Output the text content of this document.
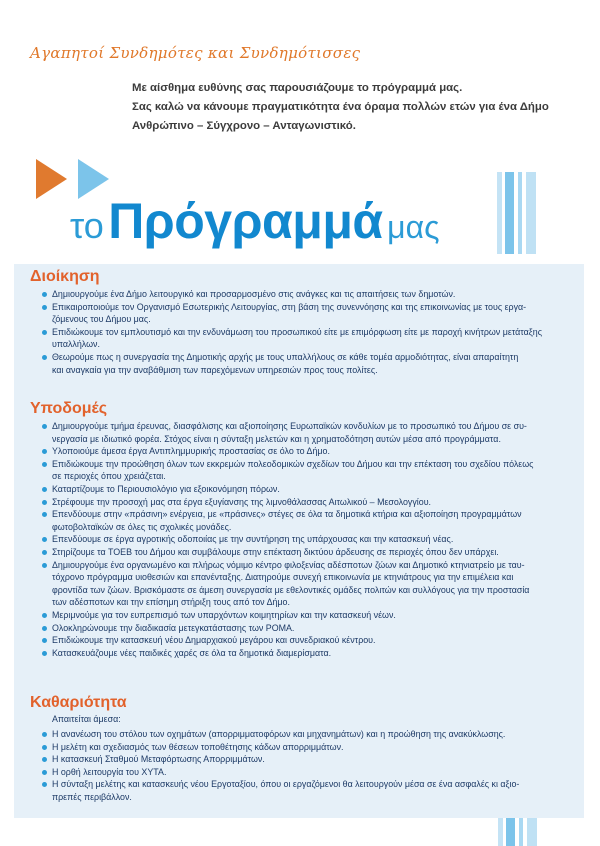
Αγαπητοί Συνδημότες και Συνδημότισσες
Με αίσθημα ευθύνης σας παρουσιάζουμε το πρόγραμμά μας.
Σας καλώ να κάνουμε πραγματικότητα ένα όραμα πολλών ετών για ένα Δήμο
Ανθρώπινο – Σύγχρονο – Ανταγωνιστικό.
το Πρόγραμμά μας
Διοίκηση
Δημιουργούμε ένα Δήμο λειτουργικό και προσαρμοσμένο στις ανάγκες και τις απαιτήσεις των δημοτών.
Επικαιροποιούμε τον Οργανισμό Εσωτερικής Λειτουργίας, στη βάση της συνεννόησης και της επικοινωνίας με τους εργα-
ζόμενους του Δήμου μας.
Επιδιώκουμε τον εμπλουτισμό και την ενδυνάμωση του προσωπικού είτε με επιμόρφωση είτε με παροχή κινήτρων μετάταξης
υπαλλήλων.
Θεωρούμε πως η συνεργασία της Δημοτικής αρχής με τους υπαλλήλους σε κάθε τομέα αρμοδιότητας, είναι απαραίτητη
και αναγκαία για την αναβάθμιση των παρεχόμενων υπηρεσιών προς τους πολίτες.
Υποδομές
Δημιουργούμε τμήμα έρευνας, διασφάλισης και αξιοποίησης Ευρωπαϊκών κονδυλίων με το προσωπικό του Δήμου σε συ-
νεργασία με ιδιωτικό φορέα. Στόχος είναι η σύνταξη μελετών και η χρηματοδότηση αυτών μέσα από προγράμματα.
Υλοποιούμε άμεσα έργα Αντιπλημμυρικής προστασίας σε όλο το Δήμο.
Επιδιώκουμε την προώθηση όλων των εκκρεμών πολεοδομικών σχεδίων του Δήμου και την επέκταση του σχεδίου πόλεως
σε περιοχές όπου χρειάζεται.
Καταρτίζουμε το Περιουσιολόγιο για εξοικονόμηση πόρων.
Στρέφουμε την προσοχή μας στα έργα εξυγίανσης της λιμνοθάλασσας Αιτωλικού – Μεσολογγίου.
Επενδύουμε στην «πράσινη» ενέργεια, με «πράσινες» στέγες σε όλα τα δημοτικά κτήρια και αξιοποίηση προγραμμάτων
φωτοβολταϊκών σε όλες τις σχολικές μονάδες.
Επενδύουμε σε έργα αγροτικής οδοποιίας με την συντήρηση της υπάρχουσας και την κατασκευή νέας.
Στηρίζουμε τα ΤΟΕΒ του Δήμου και συμβάλουμε στην επέκταση δικτύου άρδευσης σε περιοχές όπου δεν υπάρχει.
Δημιουργούμε ένα οργανωμένο και πλήρως νόμιμο κέντρο φιλοξενίας αδέσποτων ζώων και Δημοτικό κτηνιατρείο με ταυ-
τόχρονο πρόγραμμα υιοθεσιών και επανένταξης. Διατηρούμε συνεχή επικοινωνία με κτηνιάτρους για την επιμέλεια και
φροντίδα των ζώων. Βρισκόμαστε σε άμεση συνεργασία με εθελοντικές ομάδες πολιτών και συλλόγους για την προστασία
των αδέσποτων και την επίσημη στήριξη τους από τον Δήμο.
Μεριμνούμε για τον ευπρεπισμό των υπαρχόντων κοιμητηρίων και την κατασκευή νέων.
Ολοκληρώνουμε την διαδικασία μετεγκατάστασης των ΡΟΜΑ.
Επιδιώκουμε την κατασκευή νέου Δημαρχιακού μεγάρου και συνεδριακού κέντρου.
Κατασκευάζουμε νέες παιδικές χαρές σε όλα τα δημοτικά διαμερίσματα.
Καθαριότητα
Απαιτείται άμεσα:
Η ανανέωση του στόλου των οχημάτων (απορριμματοφόρων και μηχανημάτων) και η προώθηση της ανακύκλωσης.
Η μελέτη και σχεδιασμός των θέσεων τοποθέτησης κάδων απορριμμάτων.
Η κατασκευή Σταθμού Μεταφόρτωσης Απορριμμάτων.
Η ορθή λειτουργία του ΧΥΤΑ.
Η σύνταξη μελέτης και κατασκευής νέου Εργοταξίου, όπου οι εργαζόμενοι θα λειτουργούν μέσα σε ένα ασφαλές κι αξιο-
πρεπές περιβάλλον.
